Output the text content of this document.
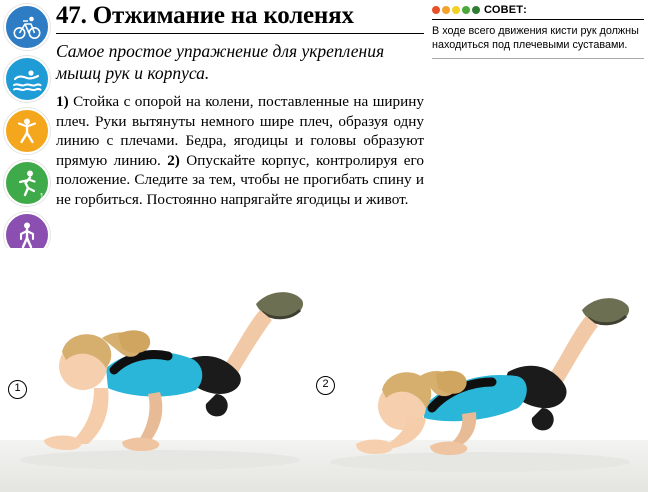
1
47. Отжимание на коленях

Самое простое упражнение для укрепления мышц рук и корпуса.

1) Стойка с опорой на колени, поставленные на ширину плеч. Руки вытянуты немного шире плеч, образуя одну линию с плечами. Бедра, ягодицы и головы образуют прямую линию. 2) Опускайте корпус, контролируя его положение. Следите за тем, чтобы не прогибать спину и не горбиться. Постоянно напрягайте ягодицы и живот.

СОВЕТ:

В ходе всего движения кисти рук должны находиться под плечевыми суставами.

1	2
